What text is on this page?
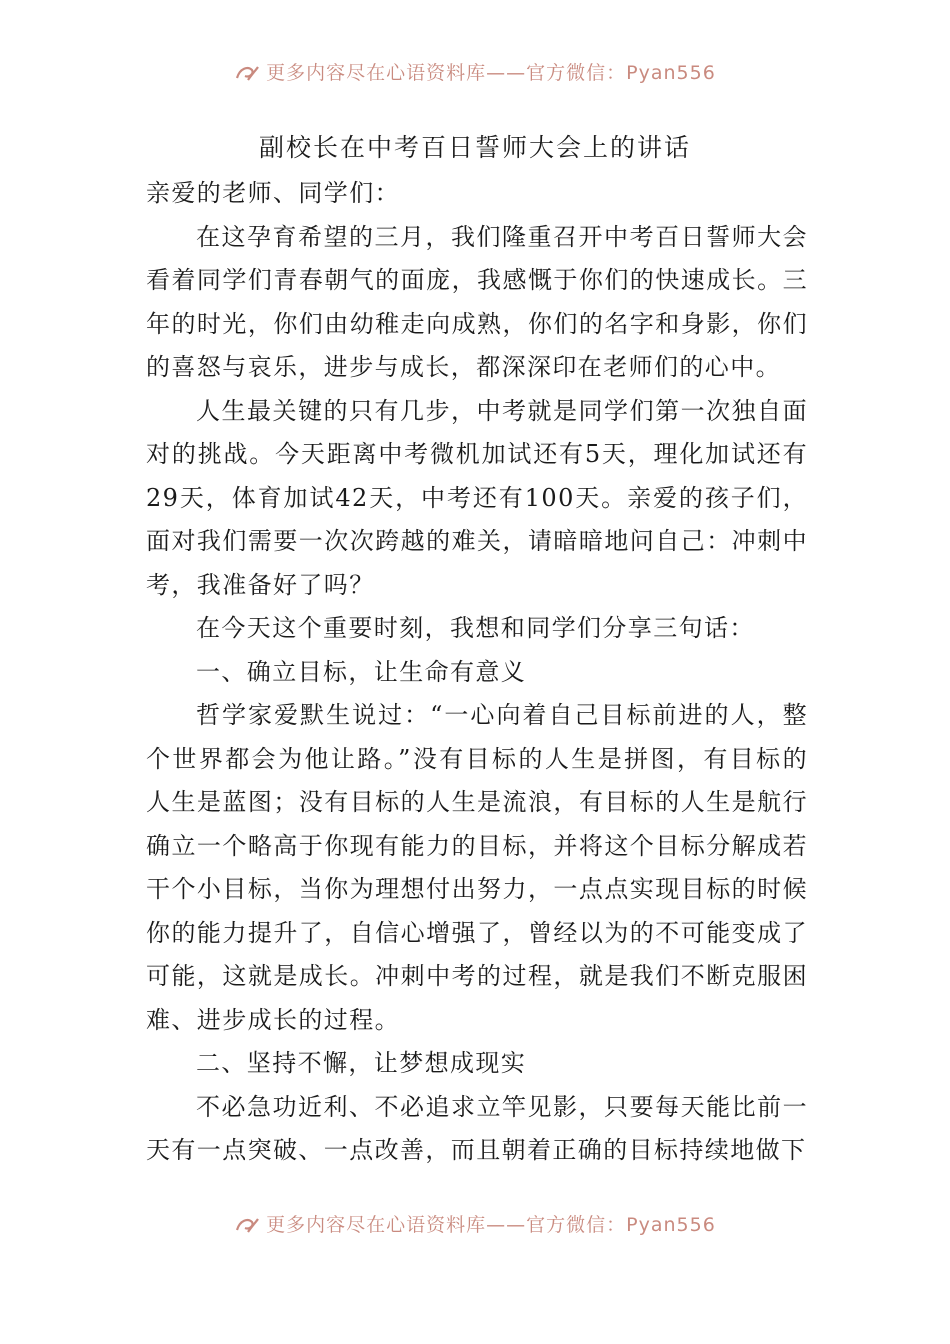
更多内容尽在心语资料库——官方微信：Pyan556
副校长在中考百日誓师大会上的讲话

亲爱的老师、同学们：

在这孕育希望的三月，我们隆重召开中考百日誓师大会看着同学们青春朝气的面庞，我感慨于你们的快速成长。三年的时光，你们由幼稚走向成熟，你们的名字和身影，你们的喜怒与哀乐，进步与成长，都深深印在老师们的心中。

人生最关键的只有几步，中考就是同学们第一次独自面对的挑战。今天距离中考微机加试还有5天，理化加试还有29天，体育加试42天，中考还有100天。亲爱的孩子们，面对我们需要一次次跨越的难关，请暗暗地问自己：冲刺中考，我准备好了吗？

在今天这个重要时刻，我想和同学们分享三句话：

一、确立目标，让生命有意义

哲学家爱默生说过：“一心向着自己目标前进的人，整个世界都会为他让路。”没有目标的人生是拼图，有目标的人生是蓝图；没有目标的人生是流浪，有目标的人生是航行确立一个略高于你现有能力的目标，并将这个目标分解成若干个小目标，当你为理想付出努力，一点点实现目标的时候你的能力提升了，自信心增强了，曾经以为的不可能变成了可能，这就是成长。冲刺中考的过程，就是我们不断克服困难、进步成长的过程。

二、坚持不懈，让梦想成现实

不必急功近利、不必追求立竿见影，只要每天能比前一天有一点突破、一点改善，而且朝着正确的目标持续地做下

更多内容尽在心语资料库——官方微信：Pyan556
